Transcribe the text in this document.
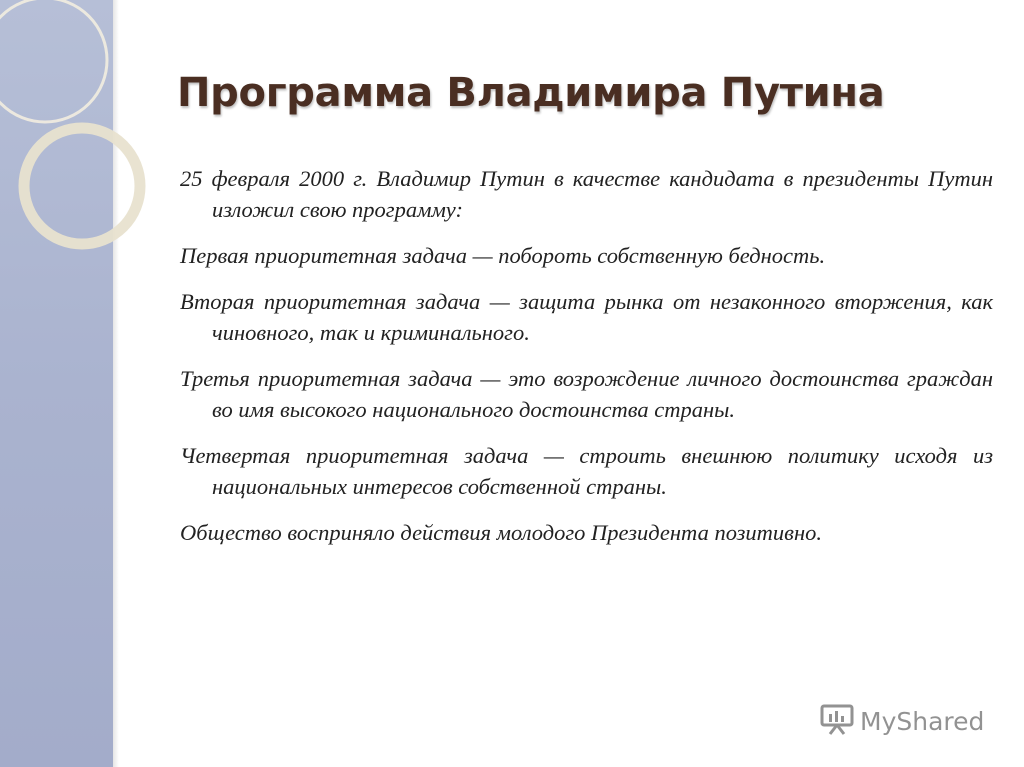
Программа Владимира Путина

25 февраля 2000 г. Владимир Путин в качестве кандидата в президенты Путин изложил свою программу:

Первая приоритетная задача — побороть собственную бедность.

Вторая приоритетная задача — защита рынка от незаконного вторжения, как чиновного, так и криминального.

Третья приоритетная задача — это возрождение личного достоинства граждан во имя высокого национального достоинства страны.

Четвертая приоритетная задача — строить внешнюю политику исходя из национальных интересов собственной страны.

Общество восприняло действия молодого Президента позитивно.

MyShared
